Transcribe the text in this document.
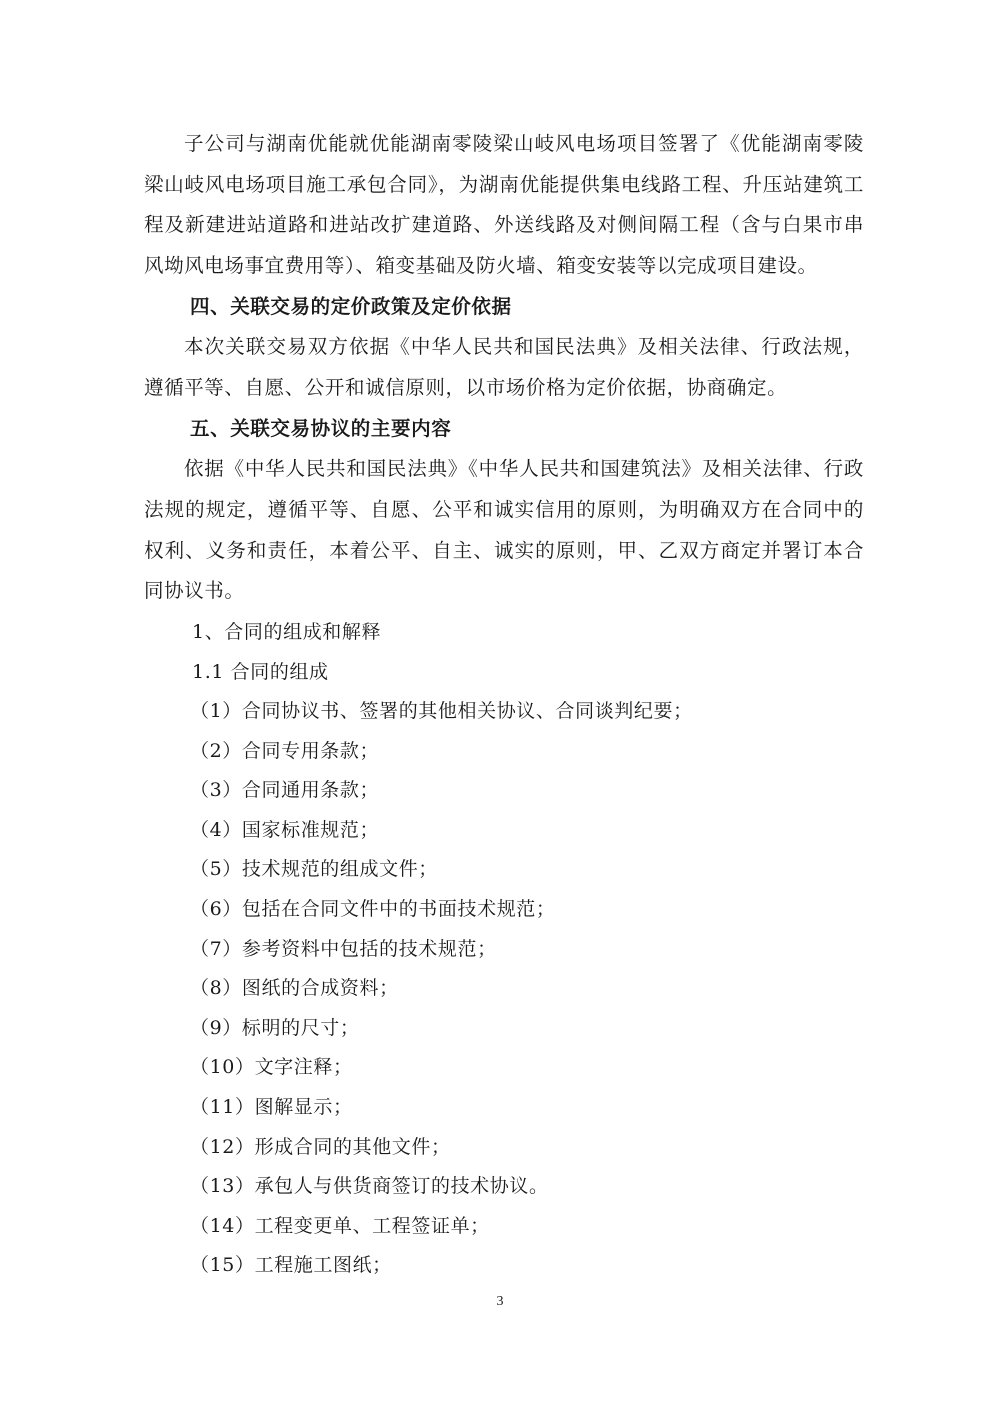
子公司与湖南优能就优能湖南零陵梁山岐风电场项目签署了《优能湖南零陵梁山岐风电场项目施工承包合同》，为湖南优能提供集电线路工程、升压站建筑工程及新建进站道路和进站改扩建道路、外送线路及对侧间隔工程（含与白果市串风坳风电场事宜费用等）、箱变基础及防火墙、箱变安装等以完成项目建设。

四、关联交易的定价政策及定价依据

本次关联交易双方依据《中华人民共和国民法典》及相关法律、行政法规，遵循平等、自愿、公开和诚信原则，以市场价格为定价依据，协商确定。

五、关联交易协议的主要内容

依据《中华人民共和国民法典》《中华人民共和国建筑法》及相关法律、行政法规的规定，遵循平等、自愿、公平和诚实信用的原则，为明确双方在合同中的权利、义务和责任，本着公平、自主、诚实的原则，甲、乙双方商定并署订本合同协议书。

1、合同的组成和解释

1.1 合同的组成

（1）合同协议书、签署的其他相关协议、合同谈判纪要；
（2）合同专用条款；
（3）合同通用条款；
（4）国家标准规范；
（5）技术规范的组成文件；
（6）包括在合同文件中的书面技术规范；
（7）参考资料中包括的技术规范；
（8）图纸的合成资料；
（9）标明的尺寸；
（10）文字注释；
（11）图解显示；
（12）形成合同的其他文件；
（13）承包人与供货商签订的技术协议。
（14）工程变更单、工程签证单；
（15）工程施工图纸；
3
